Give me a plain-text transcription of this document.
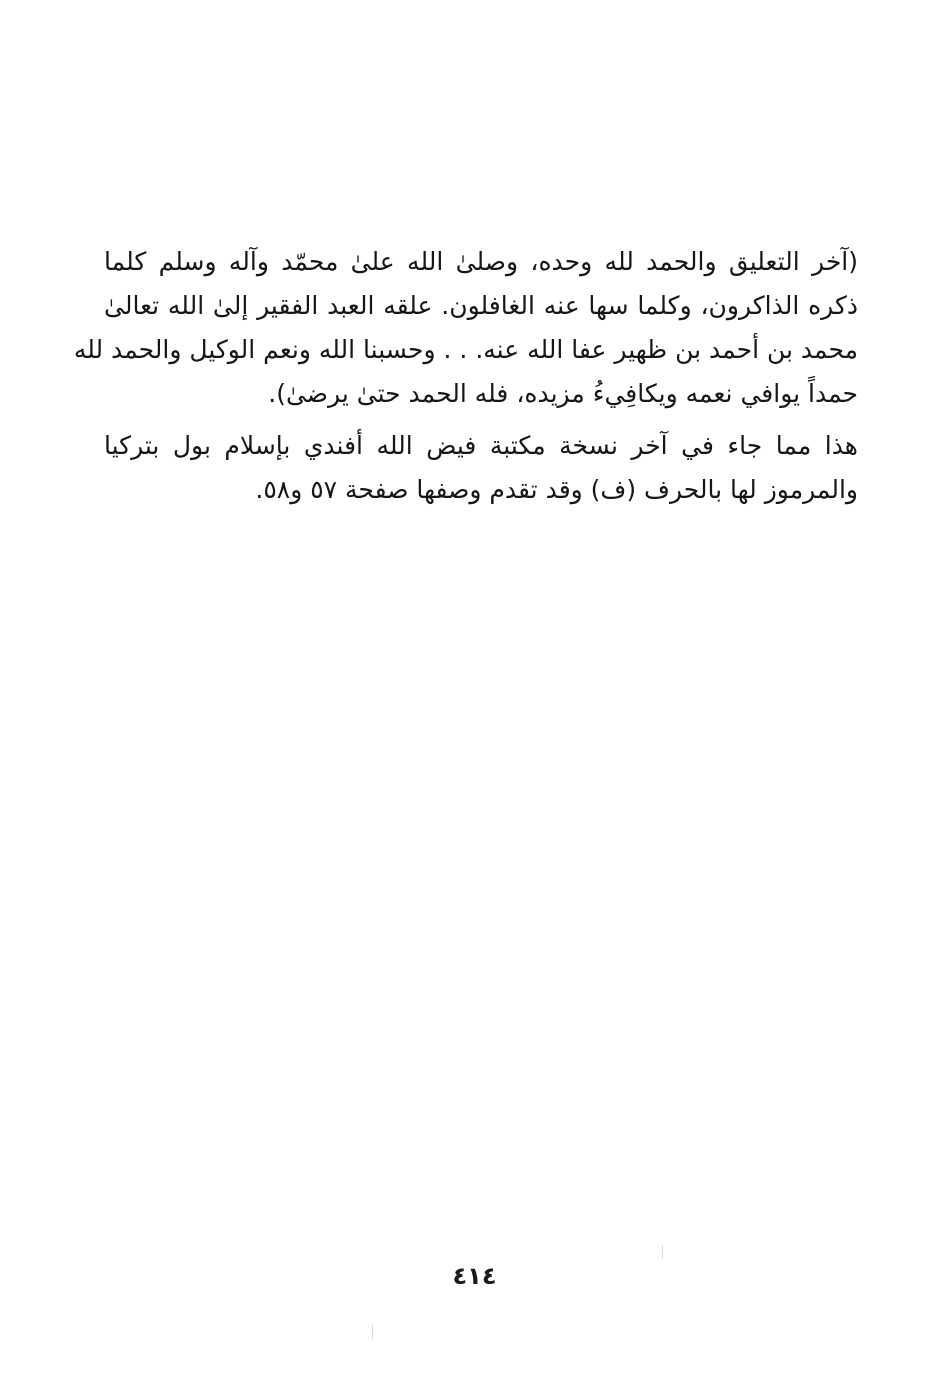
(آخر التعليق والحمد لله وحده، وصلىٰ الله علىٰ محمّد وآله وسلم كلما
ذكره الذاكرون، وكلما سها عنه الغافلون. علقه العبد الفقير إلىٰ الله تعالىٰ
محمد بن أحمد بن ظهير عفا الله عنه. . . وحسبنا الله ونعم الوكيل والحمد لله
حمداً يوافي نعمه ويكافِيءُ مزيده، فله الحمد حتىٰ يرضىٰ).
هذا مما جاء في آخر نسخة مكتبة فيض الله أفندي بإسلام بول بتركيا
والمرموز لها بالحرف (ف) وقد تقدم وصفها صفحة ٥٧ و٥٨.
٤١٤
